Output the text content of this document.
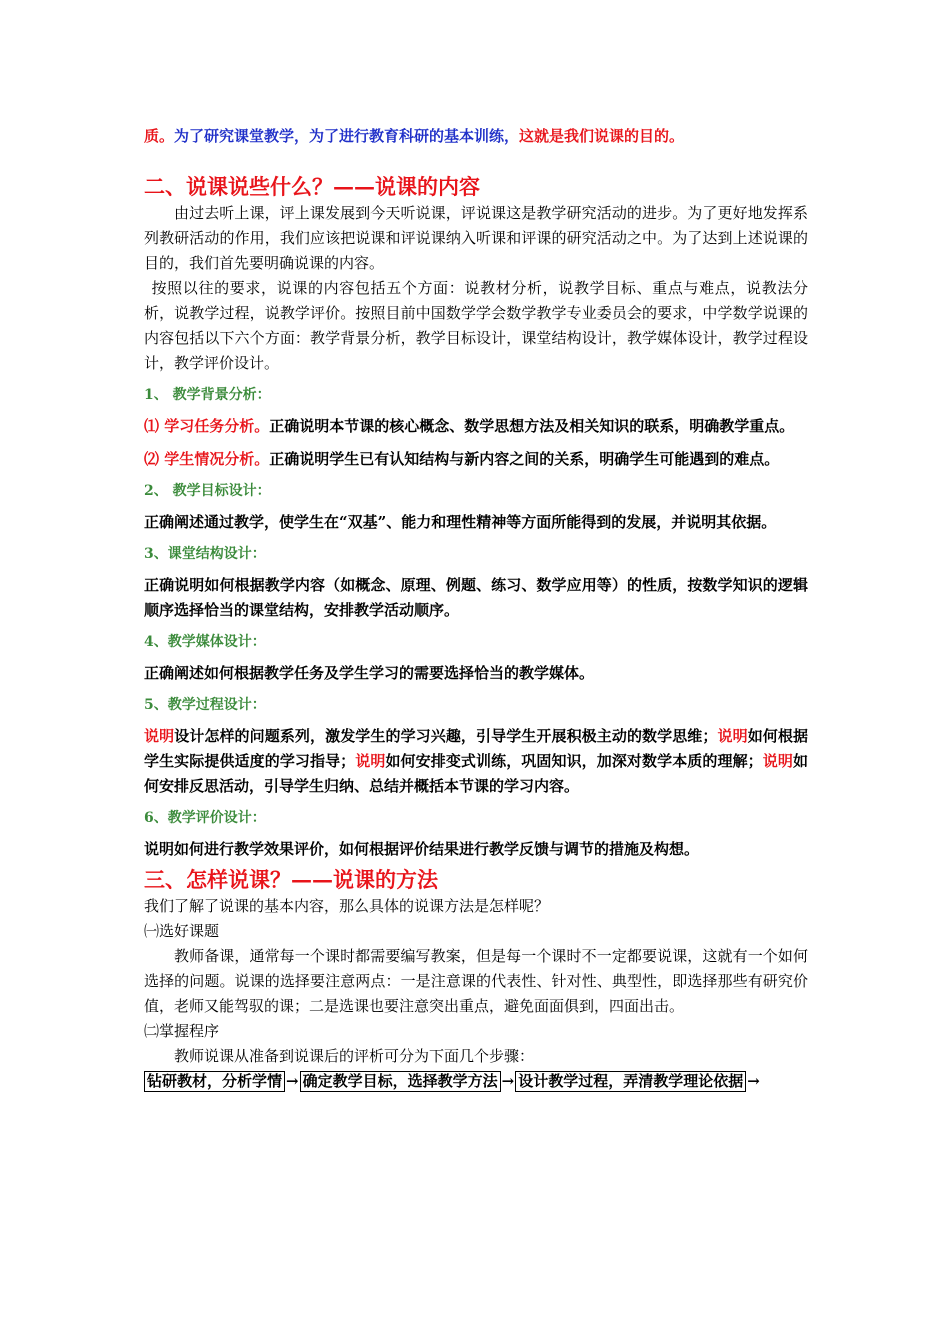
质。为了研究课堂教学，为了进行教育科研的基本训练，这就是我们说课的目的。

二、说课说些什么？——说课的内容

由过去听上课，评上课发展到今天听说课，评说课这是教学研究活动的进步。为了更好地发挥系列教研活动的作用，我们应该把说课和评说课纳入听课和评课的研究活动之中。为了达到上述说课的目的，我们首先要明确说课的内容。

按照以往的要求，说课的内容包括五个方面：说教材分析，说教学目标、重点与难点，说教法分析，说教学过程，说教学评价。按照目前中国数学学会数学教学专业委员会的要求，中学数学说课的内容包括以下六个方面：教学背景分析，教学目标设计，课堂结构设计，教学媒体设计，教学过程设计，教学评价设计。

1、 教学背景分析：

⑴ 学习任务分析。正确说明本节课的核心概念、数学思想方法及相关知识的联系，明确教学重点。

⑵ 学生情况分析。正确说明学生已有认知结构与新内容之间的关系，明确学生可能遇到的难点。

2、 教学目标设计：

正确阐述通过教学，使学生在“双基”、能力和理性精神等方面所能得到的发展，并说明其依据。

3、课堂结构设计：

正确说明如何根据教学内容（如概念、原理、例题、练习、数学应用等）的性质，按数学知识的逻辑顺序选择恰当的课堂结构，安排教学活动顺序。

4、教学媒体设计：

正确阐述如何根据教学任务及学生学习的需要选择恰当的教学媒体。

5、教学过程设计：

说明设计怎样的问题系列，激发学生的学习兴趣，引导学生开展积极主动的数学思维；说明如何根据学生实际提供适度的学习指导；说明如何安排变式训练，巩固知识，加深对数学本质的理解；说明如何安排反思活动，引导学生归纳、总结并概括本节课的学习内容。

6、教学评价设计：

说明如何进行教学效果评价，如何根据评价结果进行教学反馈与调节的措施及构想。

三、怎样说课？——说课的方法

我们了解了说课的基本内容，那么具体的说课方法是怎样呢？

㈠选好课题

教师备课，通常每一个课时都需要编写教案，但是每一个课时不一定都要说课，这就有一个如何选择的问题。说课的选择要注意两点：一是注意课的代表性、针对性、典型性，即选择那些有研究价值，老师又能驾驭的课；二是选课也要注意突出重点，避免面面俱到，四面出击。

㈡掌握程序

教师说课从准备到说课后的评析可分为下面几个步骤：

钻研教材，分析学情 → 确定教学目标，选择教学方法 → 设计教学过程，弄清教学理论依据 →
